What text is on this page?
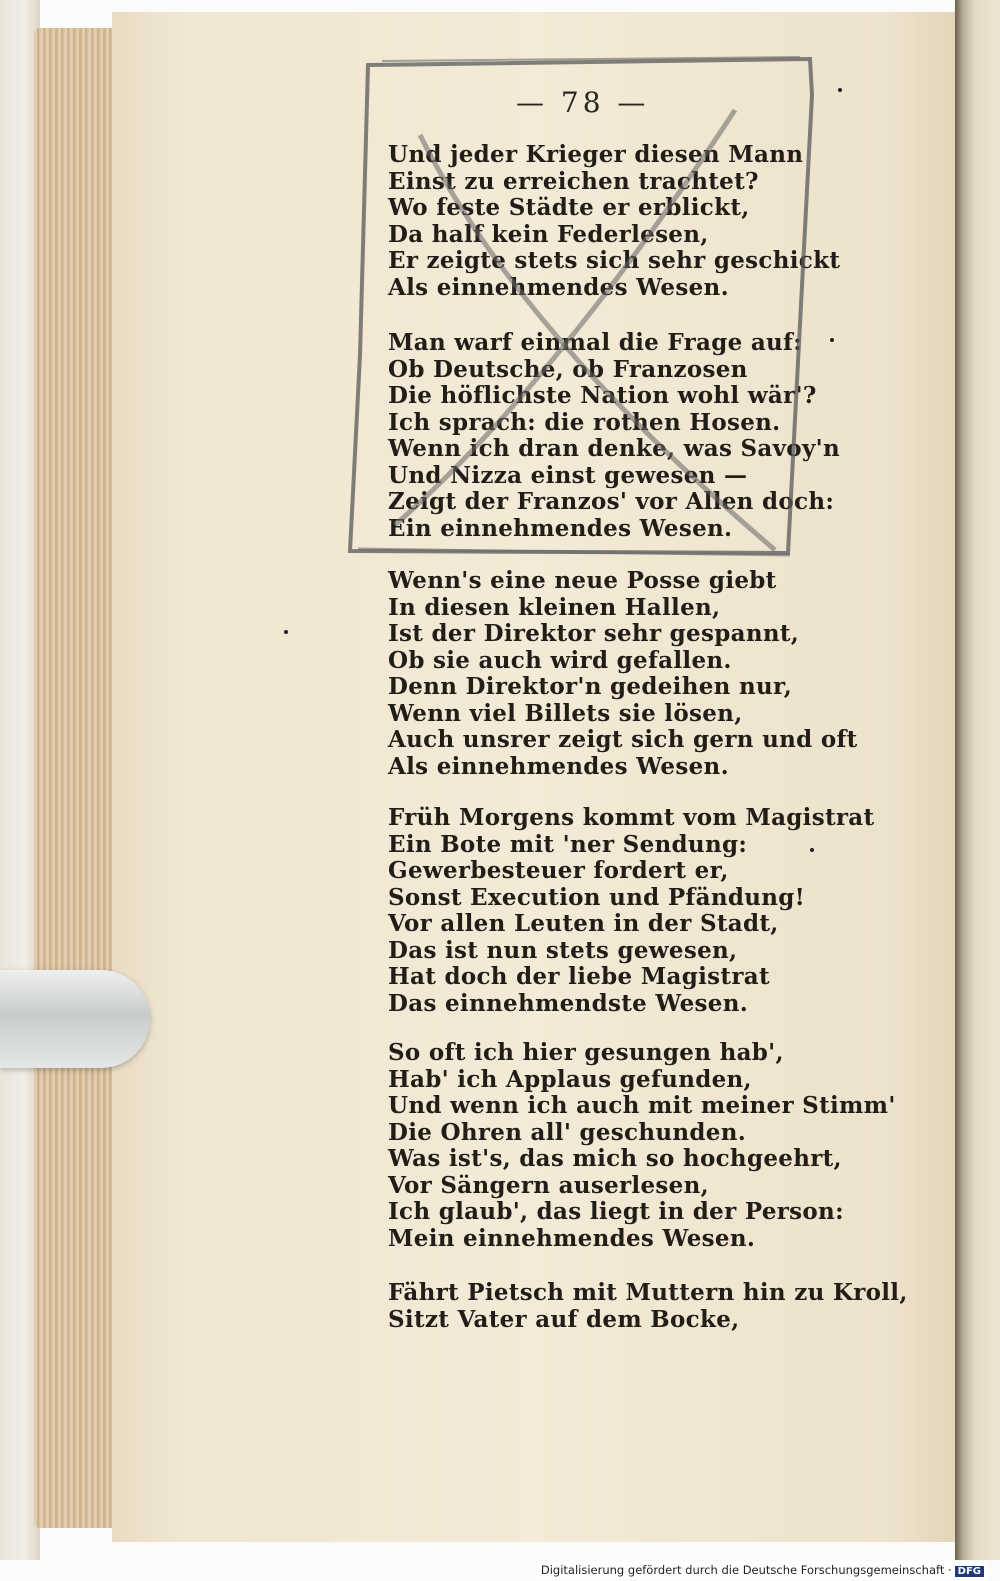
— 78 —
Und jeder Krieger diesen Mann
Einst zu erreichen trachtet?
Wo feste Städte er erblickt,
Da half kein Federlesen,
Er zeigte stets sich sehr geschickt
Als einnehmendes Wesen.
Man warf einmal die Frage auf:
Ob Deutsche, ob Franzosen
Die höflichste Nation wohl wär'?
Ich sprach: die rothen Hosen.
Wenn ich dran denke, was Savoy'n
Und Nizza einst gewesen —
Zeigt der Franzos' vor Allen doch:
Ein einnehmendes Wesen.
Wenn's eine neue Posse giebt
In diesen kleinen Hallen,
Ist der Direktor sehr gespannt,
Ob sie auch wird gefallen.
Denn Direktor'n gedeihen nur,
Wenn viel Billets sie lösen,
Auch unsrer zeigt sich gern und oft
Als einnehmendes Wesen.
Früh Morgens kommt vom Magistrat
Ein Bote mit 'ner Sendung:
Gewerbesteuer fordert er,
Sonst Execution und Pfändung!
Vor allen Leuten in der Stadt,
Das ist nun stets gewesen,
Hat doch der liebe Magistrat
Das einnehmendste Wesen.
So oft ich hier gesungen hab',
Hab' ich Applaus gefunden,
Und wenn ich auch mit meiner Stimm'
Die Ohren all' geschunden.
Was ist's, das mich so hochgeehrt,
Vor Sängern auserlesen,
Ich glaub', das liegt in der Person:
Mein einnehmendes Wesen.
Fährt Pietsch mit Muttern hin zu Kroll,
Sitzt Vater auf dem Bocke,
Digitalisierung gefördert durch die Deutsche Forschungsgemeinschaft · DFG
